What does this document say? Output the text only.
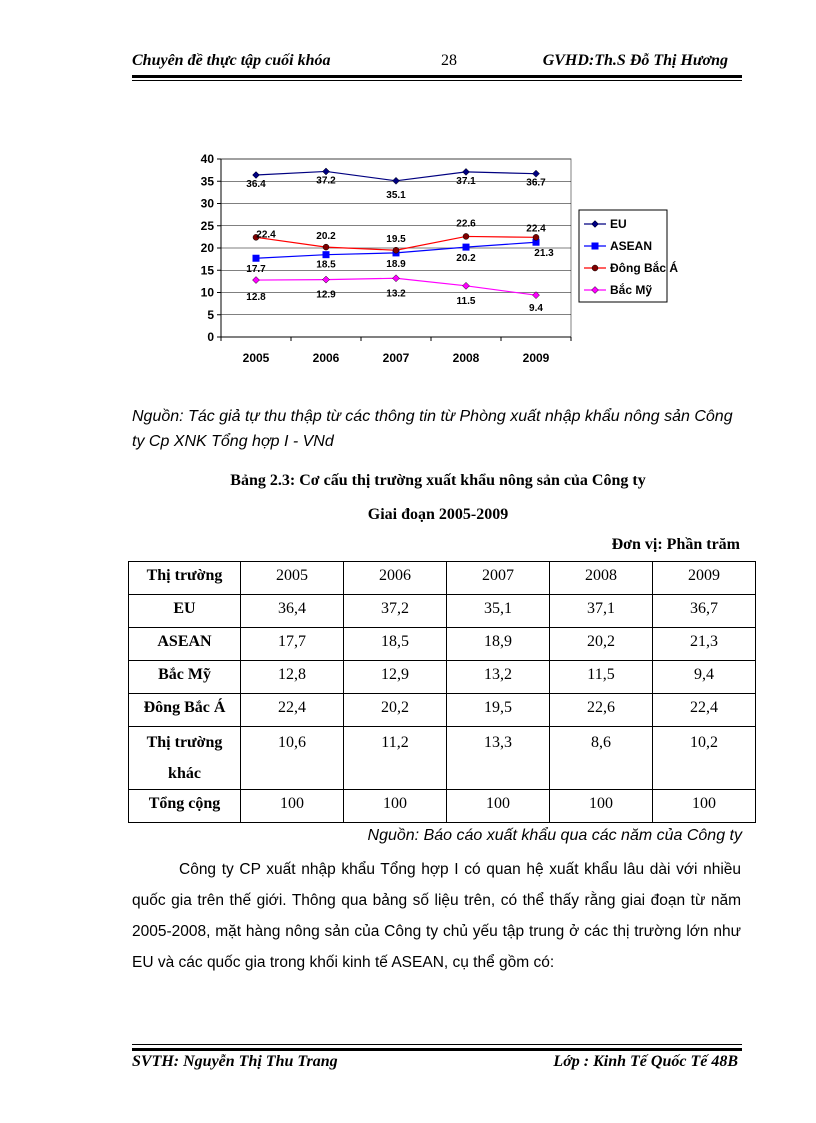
Chuyên đề thực tập cuối khóa	28	GVHD:Th.S Đỗ Thị Hương
0
5
10
15
20
25
30
35
40
2005	2006	2007	2008	2009
36.4	37.2
35.1
37.1	36.7
17.7	18.5	18.9
20.2	21.3
22.4	20.2	19.5
22.6	22.4
12.8	12.9	13.2
11.5
9.4
EU
ASEAN
Đông Bắc Á
Bắc Mỹ
Nguồn: Tác giả tự thu thập từ các thông tin từ Phòng xuất nhập khẩu nông sản Công ty Cp XNK Tổng hợp I - VNd
Bảng 2.3: Cơ cấu thị trường xuất khẩu nông sản của Công ty
Giai đoạn 2005-2009
Đơn vị: Phần trăm
Thị trường	2005	2006	2007	2008	2009
EU	36,4	37,2	35,1	37,1	36,7
ASEAN	17,7	18,5	18,9	20,2	21,3
Bắc Mỹ	12,8	12,9	13,2	11,5	9,4
Đông Bắc Á	22,4	20,2	19,5	22,6	22,4
Thị trường khác	10,6	11,2	13,3	8,6	10,2
Tổng cộng	100	100	100	100	100
Nguồn: Báo cáo xuất khẩu qua các năm của Công ty
Công ty CP xuất nhập khẩu Tổng hợp I có quan hệ xuất khẩu lâu dài với nhiều quốc gia trên thế giới. Thông qua bảng số liệu trên, có thể thấy rằng giai đoạn từ năm 2005-2008, mặt hàng nông sản của Công ty chủ yếu tập trung ở các thị trường lớn như EU và các quốc gia trong khối kinh tế ASEAN, cụ thể gồm có:
SVTH: Nguyễn Thị Thu Trang	Lớp : Kinh Tế Quốc Tế 48B
